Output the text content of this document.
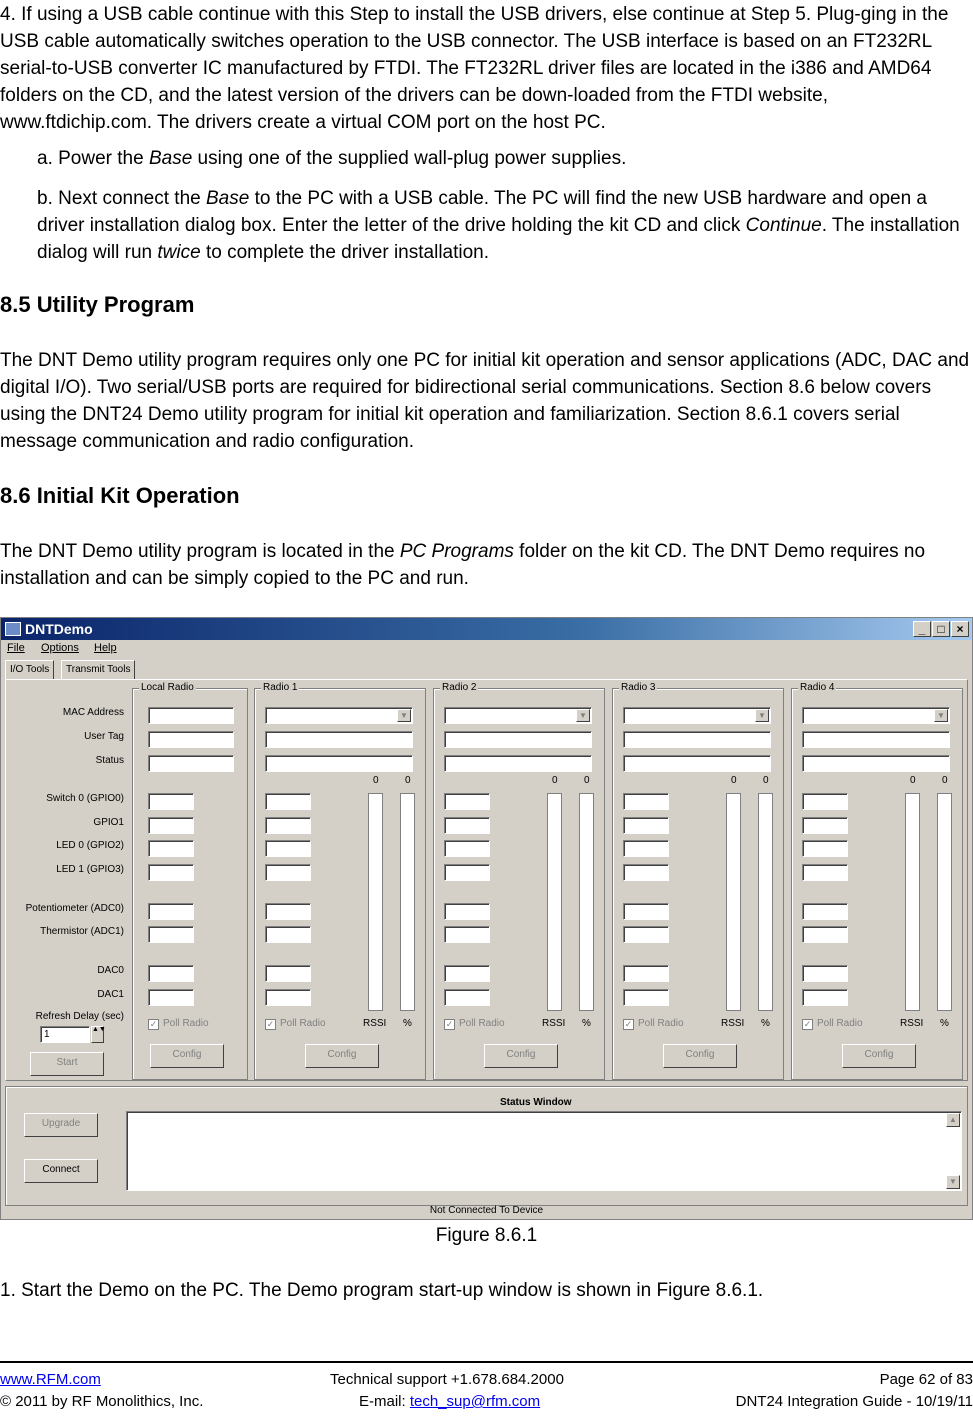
4. If using a USB cable continue with this Step to install the USB drivers, else continue at Step 5. Plug-ging in the USB cable automatically switches operation to the USB connector. The USB interface is based on an FT232RL serial-to-USB converter IC manufactured by FTDI. The FT232RL driver files are located in the i386 and AMD64 folders on the CD, and the latest version of the drivers can be down-loaded from the FTDI website, www.ftdichip.com. The drivers create a virtual COM port on the host PC.

a. Power the Base using one of the supplied wall-plug power supplies.

b. Next connect the Base to the PC with a USB cable. The PC will find the new USB hardware and open a driver installation dialog box. Enter the letter of the drive holding the kit CD and click Continue. The installation dialog will run twice to complete the driver installation.

8.5 Utility Program

The DNT Demo utility program requires only one PC for initial kit operation and sensor applications (ADC, DAC and digital I/O). Two serial/USB ports are required for bidirectional serial communications. Section 8.6 below covers using the DNT24 Demo utility program for initial kit operation and familiarization. Section 8.6.1 covers serial message communication and radio configuration.

8.6 Initial Kit Operation

The DNT Demo utility program is located in the PC Programs folder on the kit CD. The DNT Demo requires no installation and can be simply copied to the PC and run.

DNTDemo	_	□ ×
File Options Help
I/O Tools	Transmit Tools
MAC Address
User Tag
Status
Switch 0 (GPIO0)
GPIO1
LED 0 (GPIO2)
LED 1 (GPIO3)
Potentiometer (ADC0)
Thermistor (ADC1)
DAC0
DAC1
Refresh Delay (sec)
1	▲▼
Start
Local Radio
✓ Poll Radio
Config
Radio 1
▼
0	0
✓ Poll Radio	RSSI %
Config
Radio 2
▼
0	0
✓ Poll Radio	RSSI %
Config
Radio 3
▼
0	0
✓ Poll Radio	RSSI %
Config
Radio 4
▼
0	0
✓ Poll Radio	RSSI %
Config
Status Window
Upgrade
Connect
▲
▼
Not Connected To Device

Figure 8.6.1

1. Start the Demo on the PC. The Demo program start-up window is shown in Figure 8.6.1.

www.RFM.com
© 2011 by RF Monolithics, Inc.
Technical support +1.678.684.2000
E-mail: tech_sup@rfm.com
Page 62 of 83
DNT24 Integration Guide - 10/19/11
